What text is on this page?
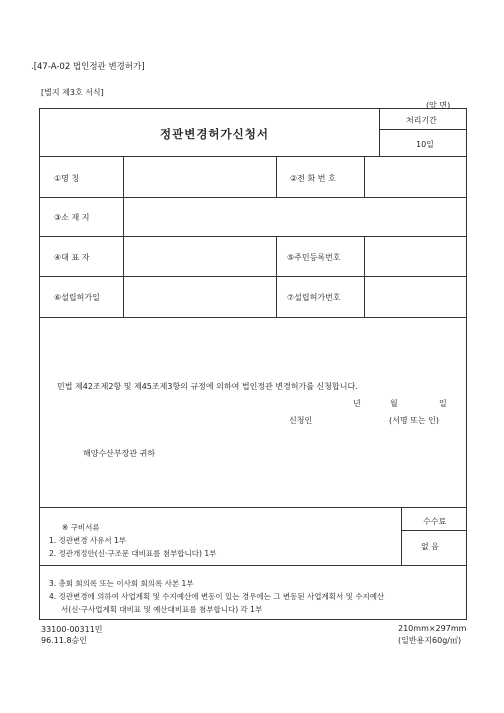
.[47-A-02 법인정관 변경허가]
[별지 제3호 서식]
(앞 면)
정관변경허가신청서
처리기간
10일
①명 칭	②전 화 번 호
③소 재 지
④대 표 자	⑤주민등록번호
⑥설립허가일	⑦설립허가번호
민법 제42조제2항 및 제45조제3항의 규정에 의하여 법인정관 변경허가를 신청합니다.
년	월	일
신청인	(서명 또는 인)
해양수산부장관 귀하
※ 구비서류
1. 정관변경 사유서 1부
2. 정관개정안(신·구조문 대비표를 첨부합니다) 1부
3. 총회 회의록 또는 이사회 회의록 사본 1부
4. 정관변경에 의하여 사업계획 및 수지예산에 변동이 있는 경우에는 그 변동된 사업계획서 및 수지예산
서(신·구사업계획 대비표 및 예산대비표를 첨부합니다) 각 1부
수수료
없 음
33100-00311민
96.11.8승인
210mm×297mm
(일반용지60g/㎡)
